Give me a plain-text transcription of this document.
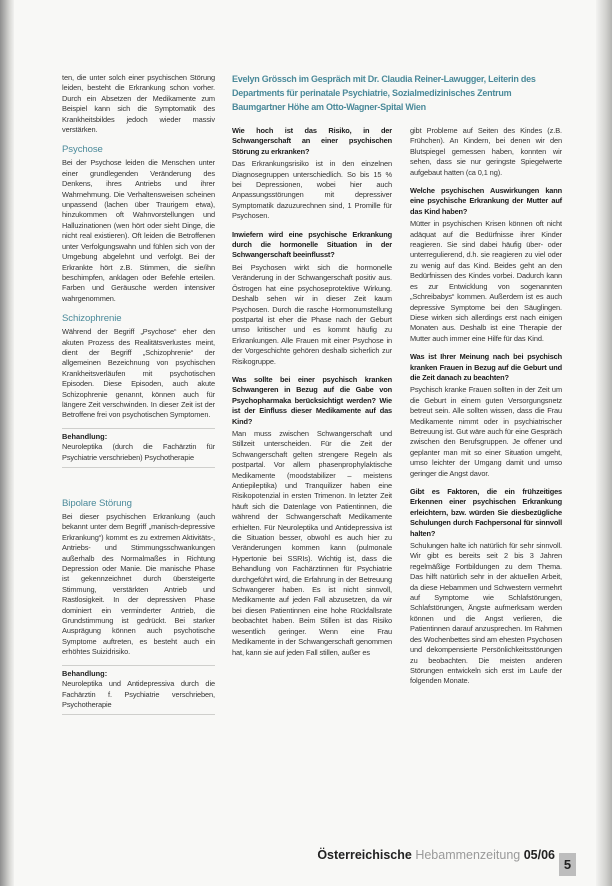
ten, die unter solch einer psychischen Störung leiden, besteht die Erkrankung schon vorher. Durch ein Absetzen der Medikamente zum Beispiel kann sich die Symptomatik des Krankheitsbildes jedoch wieder massiv verstärken.

Psychose

Bei der Psychose leiden die Menschen unter einer grundlegenden Veränderung des Denkens, ihres Antriebs und ihrer Wahrnehmung. Die Verhaltensweisen scheinen unpassend (lachen über Traurigem etwa), hinzukommen oft Wahnvorstellungen und Halluzinationen (wen hört oder sieht Dinge, die nicht real existieren). Oft leiden die Betroffenen unter Verfolgungswahn und fühlen sich von der Umgebung abgelehnt und verfolgt. Bei der Erkrankte hört z.B. Stimmen, die sie/ihn beschimpfen, anklagen oder Befehle erteilen. Farben und Geräusche werden intensiver wahrgenommen.

Schizophrenie

Während der Begriff „Psychose“ eher den akuten Prozess des Realitätsverlustes meint, dient der Begriff „Schizophrenie“ der allgemeinen Bezeichnung von psychischen Krankheitsverläufen mit psychotischen Episoden. Diese Episoden, auch akute Schizophrenie genannt, können auch für längere Zeit verschwinden. In dieser Zeit ist der Betroffene frei von psychotischen Symptomen.

Behandlung:

Neuroleptika (durch die Fachärztin für Psychiatrie verschrieben) Psychotherapie

Bipolare Störung

Bei dieser psychischen Erkrankung (auch bekannt unter dem Begriff „manisch-depressive Erkrankung“) kommt es zu extremen Aktivitäts-, Antriebs- und Stimmungsschwankungen außerhalb des Normalmaßes in Richtung Depression oder Manie. Die manische Phase ist gekennzeichnet durch übersteigerte Stimmung, verstärkten Antrieb und Rastlosigkeit. In der depressiven Phase dominiert ein verminderter Antrieb, die Grundstimmung ist gedrückt. Bei starker Ausprägung können auch psychotische Symptome auftreten, es besteht auch ein erhöhtes Suizidrisiko.

Behandlung:

Neuroleptika und Antidepressiva durch die Fachärztin f. Psychiatrie verschrieben, Psychotherapie

Evelyn Grössch im Gespräch mit Dr. Claudia Reiner-Lawugger, Leiterin des Departments für perinatale Psychiatrie, Sozialmedizinisches Zentrum Baumgartner Höhe am Otto-Wagner-Spital Wien

Wie hoch ist das Risiko, in der Schwangerschaft an einer psychischen Störung zu erkranken?

Das Erkrankungsrisiko ist in den einzelnen Diagnosegruppen unterschiedlich. So bis 15 % bei Depressionen, wobei hier auch Anpassungsstörungen mit depressiver Symptomatik dazuzurechnen sind, 1 Promille für Psychosen.

Inwiefern wird eine psychische Erkrankung durch die hormonelle Situation in der Schwangerschaft beeinflusst?

Bei Psychosen wirkt sich die hormonelle Veränderung in der Schwangerschaft positiv aus. Östrogen hat eine psychoseprotektive Wirkung. Deshalb sehen wir in dieser Zeit kaum Psychosen. Durch die rasche Hormonumstellung postpartal ist eher die Phase nach der Geburt umso kritischer und es kommt häufig zu Erkrankungen. Alle Frauen mit einer Psychose in der Vorgeschichte gehören deshalb sicherlich zur Risikogruppe.

Was sollte bei einer psychisch kranken Schwangeren in Bezug auf die Gabe von Psychopharmaka berücksichtigt werden? Wie ist der Einfluss dieser Medikamente auf das Kind?

Man muss zwischen Schwangerschaft und Stillzeit unterscheiden. Für die Zeit der Schwangerschaft gelten strengere Regeln als postpartal. Vor allem phasenprophylaktische Medikamente (moodstabilizer – meistens Antiepileptika) und Tranquilizer haben eine Risikopotenzial in ersten Trimenon. In letzter Zeit häuft sich die Datenlage von Patientinnen, die während der Schwangerschaft Medikamente erhielten. Für Neuroleptika und Antidepressiva ist die Situation besser, obwohl es auch hier zu Veränderungen kommen kann (pulmonale Hypertonie bei SSRIs). Wichtig ist, dass die Behandlung von Fachärztinnen für Psychiatrie durchgeführt wird, die Erfahrung in der Betreuung Schwangerer haben. Es ist nicht sinnvoll, Medikamente auf jeden Fall abzusetzen, da wir bei diesen Patientinnen eine hohe Rückfallsrate beobachtet haben. Beim Stillen ist das Risiko wesentlich geringer. Wenn eine Frau Medikamente in der Schwangerschaft genommen hat, kann sie auf jeden Fall stillen, außer es

gibt Probleme auf Seiten des Kindes (z.B. Frühchen). An Kindern, bei denen wir den Blutspiegel gemessen haben, konnten wir sehen, dass sie nur geringste Spiegelwerte aufgebaut hatten (ca 0,1 ng).

Welche psychischen Auswirkungen kann eine psychische Erkrankung der Mutter auf das Kind haben?

Mütter in psychischen Krisen können oft nicht adäquat auf die Bedürfnisse ihrer Kinder reagieren. Sie sind dabei häufig über- oder unterregulierend, d.h. sie reagieren zu viel oder zu wenig auf das Kind. Beides geht an den Bedürfnissen des Kindes vorbei. Dadurch kann es zur Entwicklung von sogenannten „Schreibabys“ kommen. Außerdem ist es auch depressive Symptome bei den Säuglingen. Diese wirken sich allerdings erst nach einigen Monaten aus. Deshalb ist eine Therapie der Mutter auch immer eine Hilfe für das Kind.

Was ist Ihrer Meinung nach bei psychisch kranken Frauen in Bezug auf die Geburt und die Zeit danach zu beachten?

Psychisch kranke Frauen sollten in der Zeit um die Geburt in einem guten Versorgungsnetz betreut sein. Alle sollten wissen, dass die Frau Medikamente nimmt oder in psychiatrischer Betreuung ist. Gut wäre auch für eine Gespräch zwischen den Berufsgruppen. Je offener und geplanter man mit so einer Situation umgeht, umso leichter der Umgang damit und umso geringer die Angst davor.

Gibt es Faktoren, die ein frühzeitiges Erkennen einer psychischen Erkrankung erleichtern, bzw. würden Sie diesbezügliche Schulungen durch Fachpersonal für sinnvoll halten?

Schulungen halte ich natürlich für sehr sinnvoll. Wir gibt es bereits seit 2 bis 3 Jahren regelmäßige Fortbildungen zu dem Thema. Das hilft natürlich sehr in der aktuellen Arbeit, da diese Hebammen und Schwestern vermehrt auf Symptome wie Schlafstörungen, Schlafstörungen, Ängste aufmerksam werden können und die Angst verlieren, die Patientinnen darauf anzusprechen. Im Rahmen des Wochenbettes sind am ehesten Psychosen und dekompensierte Persönlichkeitsstörungen zu beobachten. Die meisten anderen Störungen entwickeln sich erst im Laufe der folgenden Monate.

Österreichische Hebammenzeitung 05/06
5
